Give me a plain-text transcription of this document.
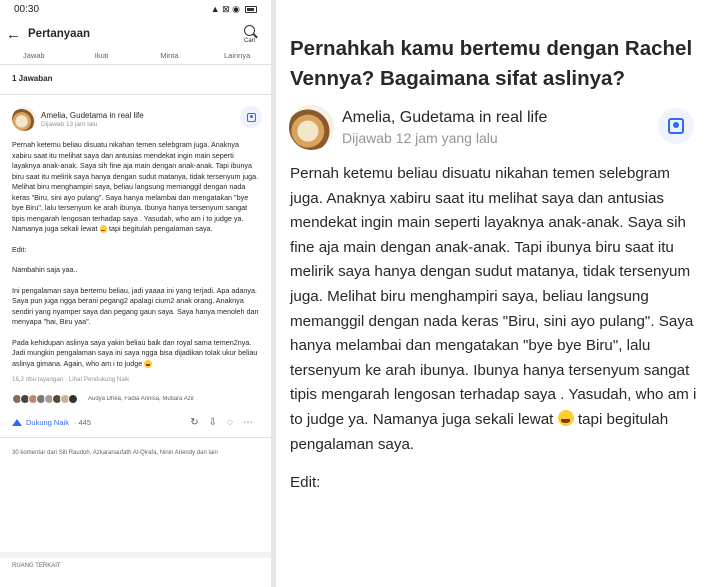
00:30	▲ ⊠ ◉
← Pertanyaan
Cari
Jawab	Ikuti	Minta	Lainnya
1 Jawaban
Amelia, Gudetama in real life
Dijawab 13 jam lalu

Pernah ketemu beliau disuatu nikahan temen selebgram juga. Anaknya xabiru saat itu melihat saya dan antusias mendekat ingin main seperti layaknya anak-anak. Saya sih fine aja main dengan anak-anak. Tapi ibunya biru saat itu melirik saya hanya dengan sudut matanya, tidak tersenyum juga. Melihat biru menghampiri saya, beliau langsung memanggil dengan nada keras "Biru, sini ayo pulang". Saya hanya melambai dan mengatakan "bye bye Biru", lalu tersenyum ke arah ibunya. Ibunya hanya tersenyum sangat tipis mengarah lengosan terhadap saya . Yasudah, who am i to judge ya. Namanya juga sekali lewat tapi begitulah pengalaman saya.

Edit:

Nambahin saja yaa..

Ini pengalaman saya bertemu beliau, jadi yaaaa ini yang terjadi. Apa adanya. Saya pun juga ngga berani pegang2 apalagi cium2 anak orang. Anaknya sendiri yang nyamper saya dan pegang gaun saya. Saya hanya menoleh dan menyapa "hai, Biru yaa".

Pada kehidupan aslinya saya yakin beliau baik dan royal sama temen2nya. Jadi mungkin pengalaman saya ini saya ngga bisa dijadikan tolak ukur beliau aslinya gimana. Again, who am i to judge

16,2 ribu tayangan · Lihat Pendukung Naik
Audya Dhea, Fadia Annisa, Mutiara Azir
Dukung Naik · 445	↻ ⇩ ◌ ⋯
30 komentar dari Siti Raudoh, Azkaranaufath Al-Qirafa, Ninin Ariendy dan lain
RUANG TERKAIT
Pernahkah kamu bertemu dengan Rachel Vennya? Bagaimana sifat aslinya?
Amelia, Gudetama in real life
Dijawab 12 jam yang lalu

Pernah ketemu beliau disuatu nikahan temen selebgram juga. Anaknya xabiru saat itu melihat saya dan antusias mendekat ingin main seperti layaknya anak-anak. Saya sih fine aja main dengan anak-anak. Tapi ibunya biru saat itu melirik saya hanya dengan sudut matanya, tidak tersenyum juga. Melihat biru menghampiri saya, beliau langsung memanggil dengan nada keras "Biru, sini ayo pulang". Saya hanya melambai dan mengatakan "bye bye Biru", lalu tersenyum ke arah ibunya. Ibunya hanya tersenyum sangat tipis mengarah lengosan terhadap saya . Yasudah, who am i to judge ya. Namanya juga sekali lewat tapi begitulah pengalaman saya.

Edit:
